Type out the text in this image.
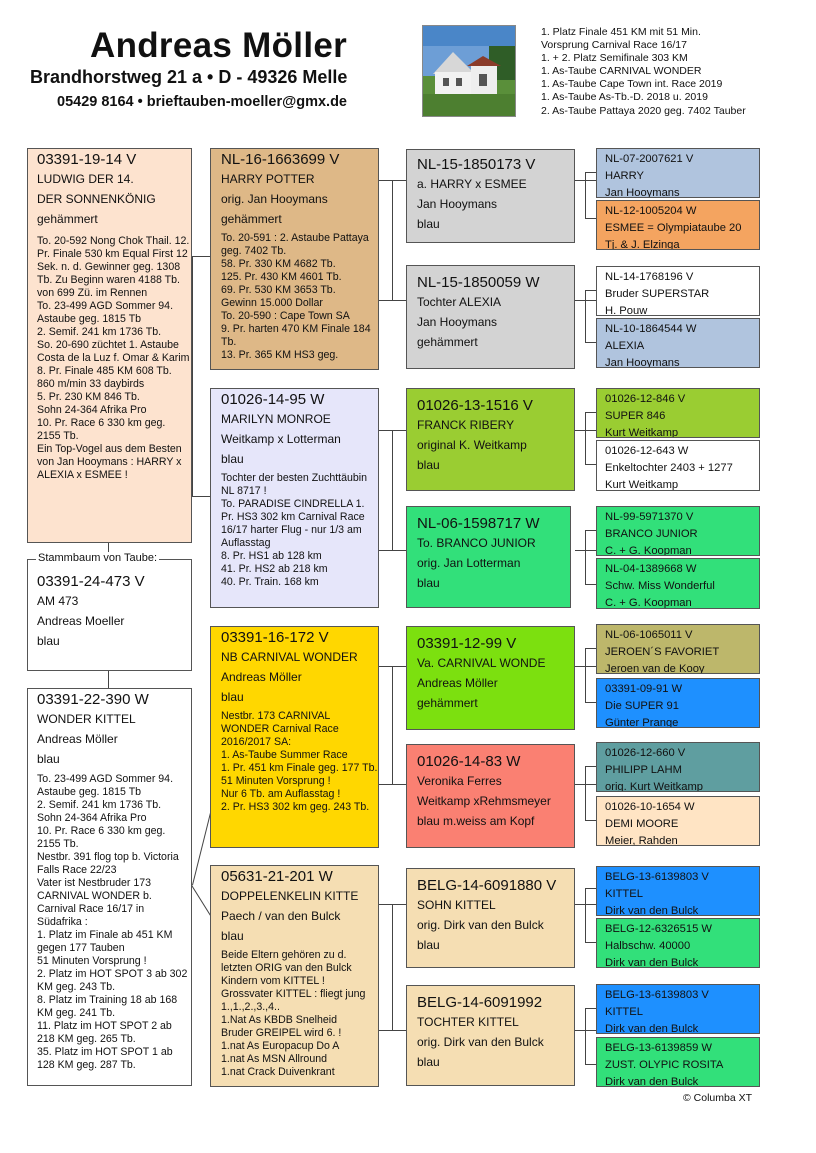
Andreas Möller
Brandhorstweg 21 a • D - 49326 Melle
05429 8164 • brieftauben-moeller@gmx.de
1. Platz Finale 451 KM mit 51 Min.
Vorsprung Carnival Race 16/17
1. + 2. Platz Semifinale 303 KM
1. As-Taube CARNIVAL WONDER
1. As-Taube Cape Town int. Race 2019
1. As-Taube As-Tb.-D. 2018 u. 2019
2. As-Taube Pattaya 2020 geg. 7402 Tauber
03391-19-14 V
LUDWIG DER 14.
DER SONNENKÖNIG
gehämmert
To. 20-592 Nong Chok Thail. 12. Pr. Finale 530 km Equal First 12 Sek. n. d. Gewinner geg. 1308 Tb. Zu Beginn waren 4188 Tb. von 699 Zü. im Rennen
To. 23-499 AGD Sommer 94. Astaube geg. 1815 Tb
2. Semif. 241 km 1736 Tb.
So. 20-690 züchtet 1. Astaube Costa de la Luz f. Omar & Karim
8. Pr. Finale 485 KM 608 Tb. 860 m/min 33 daybirds
5. Pr. 230 KM 846 Tb.
Sohn 24-364 Afrika Pro
10. Pr. Race 6 330 km geg. 2155 Tb.
Ein Top-Vogel aus dem Besten von Jan Hooymans : HARRY x ALEXIA x ESMEE !
03391-24-473 V
AM 473
Andreas Moeller
blau
Stammbaum von Taube:
03391-22-390 W
WONDER KITTEL
Andreas Möller
blau
To. 23-499 AGD Sommer 94. Astaube geg. 1815 Tb
2. Semif. 241 km 1736 Tb.
Sohn 24-364 Afrika Pro
10. Pr. Race 6 330 km geg. 2155 Tb.
Nestbr. 391 flog top b. Victoria Falls Race 22/23
Vater ist Nestbruder 173 CARNIVAL WONDER b. Carnival Race 16/17 in Südafrika :
1. Platz im Finale ab 451 KM gegen 177 Tauben
51 Minuten Vorsprung !
2. Platz im HOT SPOT 3 ab 302 KM geg. 243 Tb.
8. Platz im Training 18 ab 168 KM geg. 241 Tb.
11. Platz im HOT SPOT 2 ab 218 KM geg. 265 Tb.
35. Platz im HOT SPOT 1 ab 128 KM geg. 287 Tb.
NL-16-1663699 V
HARRY POTTER
orig. Jan Hooymans
gehämmert
To. 20-591 : 2. Astaube Pattaya geg. 7402 Tb.
58. Pr. 330 KM 4682 Tb.
125. Pr. 430 KM 4601 Tb.
69. Pr. 530 KM 3653 Tb.
Gewinn 15.000 Dollar
To. 20-590 : Cape Town SA
9. Pr. harten 470 KM Finale 184 Tb.
13. Pr. 365 KM HS3 geg.
01026-14-95 W
MARILYN MONROE
Weitkamp x Lotterman
blau
Tochter der besten Zuchttäubin NL 8717 !
To. PARADISE CINDRELLA 1. Pr. HS3 302 km Carnival Race 16/17 harter Flug - nur 1/3 am Auflasstag
8. Pr. HS1 ab 128 km
41. Pr. HS2 ab 218 km
40. Pr. Train. 168 km
03391-16-172 V
NB CARNIVAL WONDER
Andreas Möller
blau
Nestbr. 173 CARNIVAL WONDER Carnival Race 2016/2017 SA:
1. As-Taube Summer Race
1. Pr. 451 km Finale geg. 177 Tb.
51 Minuten Vorsprung !
Nur 6 Tb. am Auflasstag !
2. Pr. HS3 302 km geg. 243 Tb.
05631-21-201 W
DOPPELENKELIN KITTE
Paech / van den Bulck
blau
Beide Eltern gehören zu d. letzten ORIG van den Bulck Kindern vom KITTEL !
Grossvater KITTEL : fliegt jung 1.,1.,2.,3.,4..
1.Nat As KBDB Snelheid
Bruder GREIPEL wird 6. !
1.nat As Europacup Do A
1.nat As MSN Allround
1.nat Crack Duivenkrant
NL-15-1850173 V
a. HARRY x ESMEE
Jan Hooymans
blau
NL-15-1850059 W
Tochter ALEXIA
Jan Hooymans
gehämmert
01026-13-1516 V
FRANCK RIBERY
original K. Weitkamp
blau
NL-06-1598717 W
To. BRANCO JUNIOR
orig. Jan Lotterman
blau
03391-12-99 V
Va. CARNIVAL WONDE
Andreas Möller
gehämmert
01026-14-83 W
Veronika Ferres
Weitkamp xRehmsmeyer
blau m.weiss am Kopf
BELG-14-6091880 V
SOHN KITTEL
orig. Dirk van den Bulck
blau
BELG-14-6091992
TOCHTER KITTEL
orig. Dirk van den Bulck
blau
NL-07-2007621 V
HARRY
Jan Hooymans
NL-12-1005204 W
ESMEE = Olympiataube 20
Tj. & J. Elzinga
NL-14-1768196 V
Bruder SUPERSTAR
H. Pouw
NL-10-1864544 W
ALEXIA
Jan Hooymans
01026-12-846 V
SUPER 846
Kurt Weitkamp
01026-12-643 W
Enkeltochter 2403 + 1277
Kurt Weitkamp
NL-99-5971370 V
BRANCO JUNIOR
C. + G. Koopman
NL-04-1389668 W
Schw. Miss Wonderful
C. + G. Koopman
NL-06-1065011 V
JEROEN´S FAVORIET
Jeroen van de Kooy
03391-09-91 W
Die SUPER 91
Günter Prange
01026-12-660 V
PHILIPP LAHM
orig. Kurt Weitkamp
01026-10-1654 W
DEMI MOORE
Meier, Rahden
BELG-13-6139803 V
KITTEL
Dirk van den Bulck
BELG-12-6326515 W
Halbschw. 40000
Dirk van den Bulck
BELG-13-6139803 V
KITTEL
Dirk van den Bulck
BELG-13-6139859 W
ZUST. OLYPIC ROSITA
Dirk van den Bulck
© Columba XT
